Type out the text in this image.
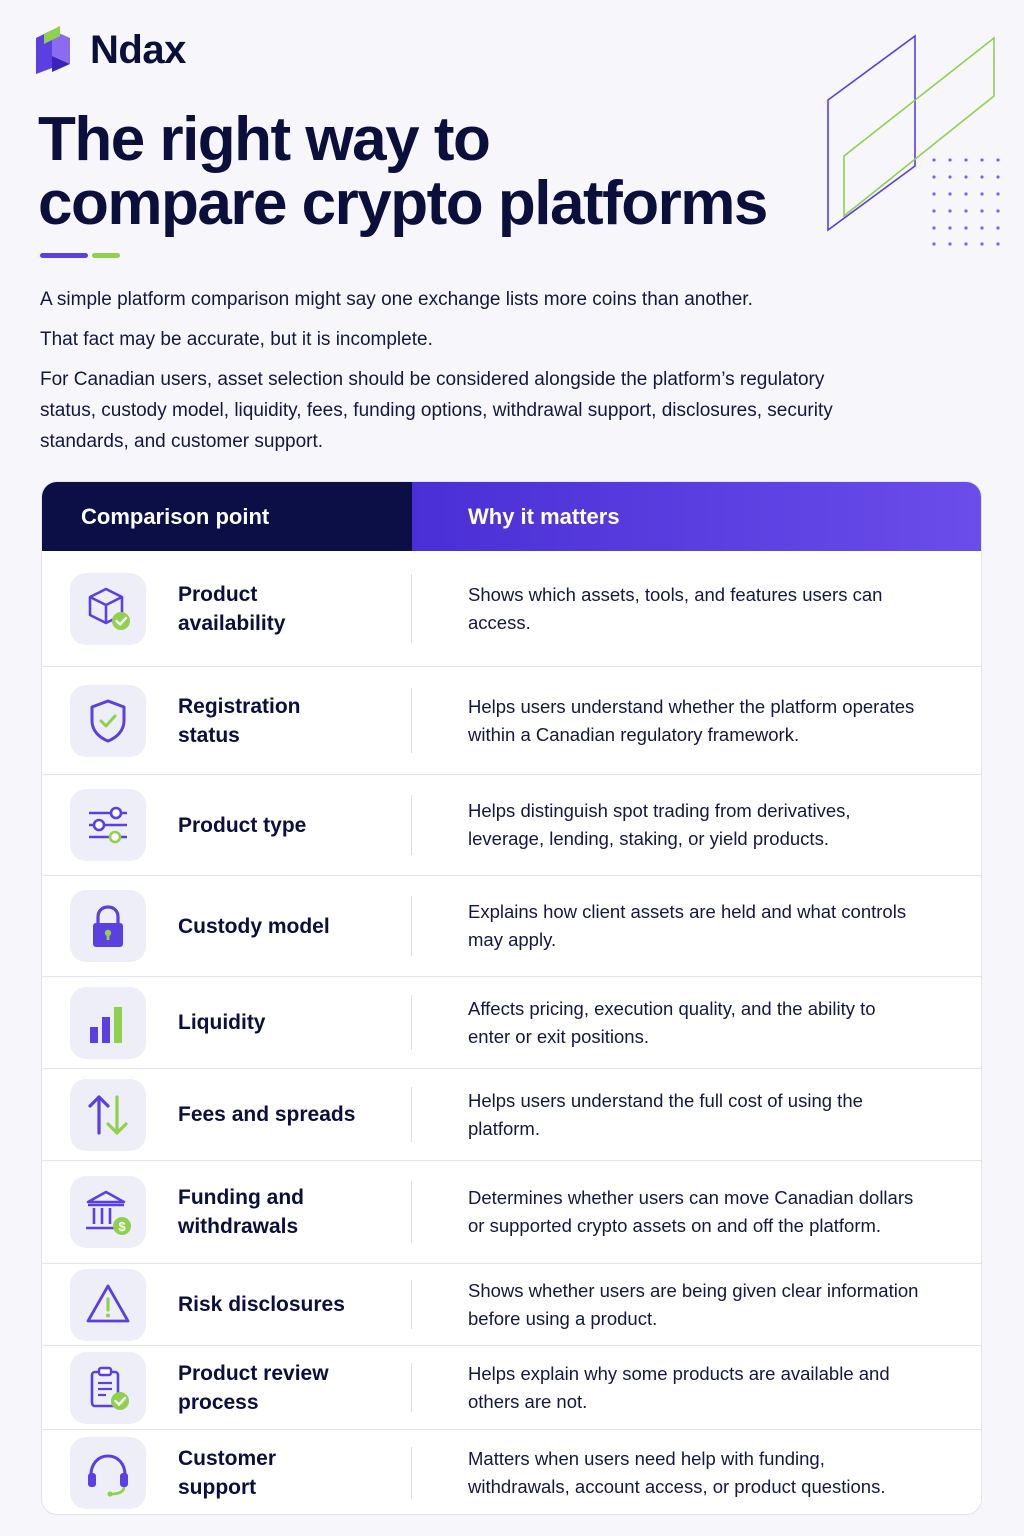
Ndax
The right way to
compare crypto platforms

A simple platform comparison might say one exchange lists more coins than another.

That fact may be accurate, but it is incomplete.

For Canadian users, asset selection should be considered alongside the platform’s regulatory status, custody model, liquidity, fees, funding options, withdrawal support, disclosures, security standards, and customer support.

Comparison point	Why it matters
Product availability
Shows which assets, tools, and features users can access.
Registration status
Helps users understand whether the platform operates within a Canadian regulatory framework.
Product type
Helps distinguish spot trading from derivatives, leverage, lending, staking, or yield products.
Custody model
Explains how client assets are held and what controls may apply.
Liquidity
Affects pricing, execution quality, and the ability to enter or exit positions.
Fees and spreads
Helps users understand the full cost of using the platform.
$
Funding and withdrawals
Determines whether users can move Canadian dollars or supported crypto assets on and off the platform.
Risk disclosures
Shows whether users are being given clear information before using a product.
Product review process
Helps explain why some products are available and others are not.
Customer support
Matters when users need help with funding, withdrawals, account access, or product questions.
